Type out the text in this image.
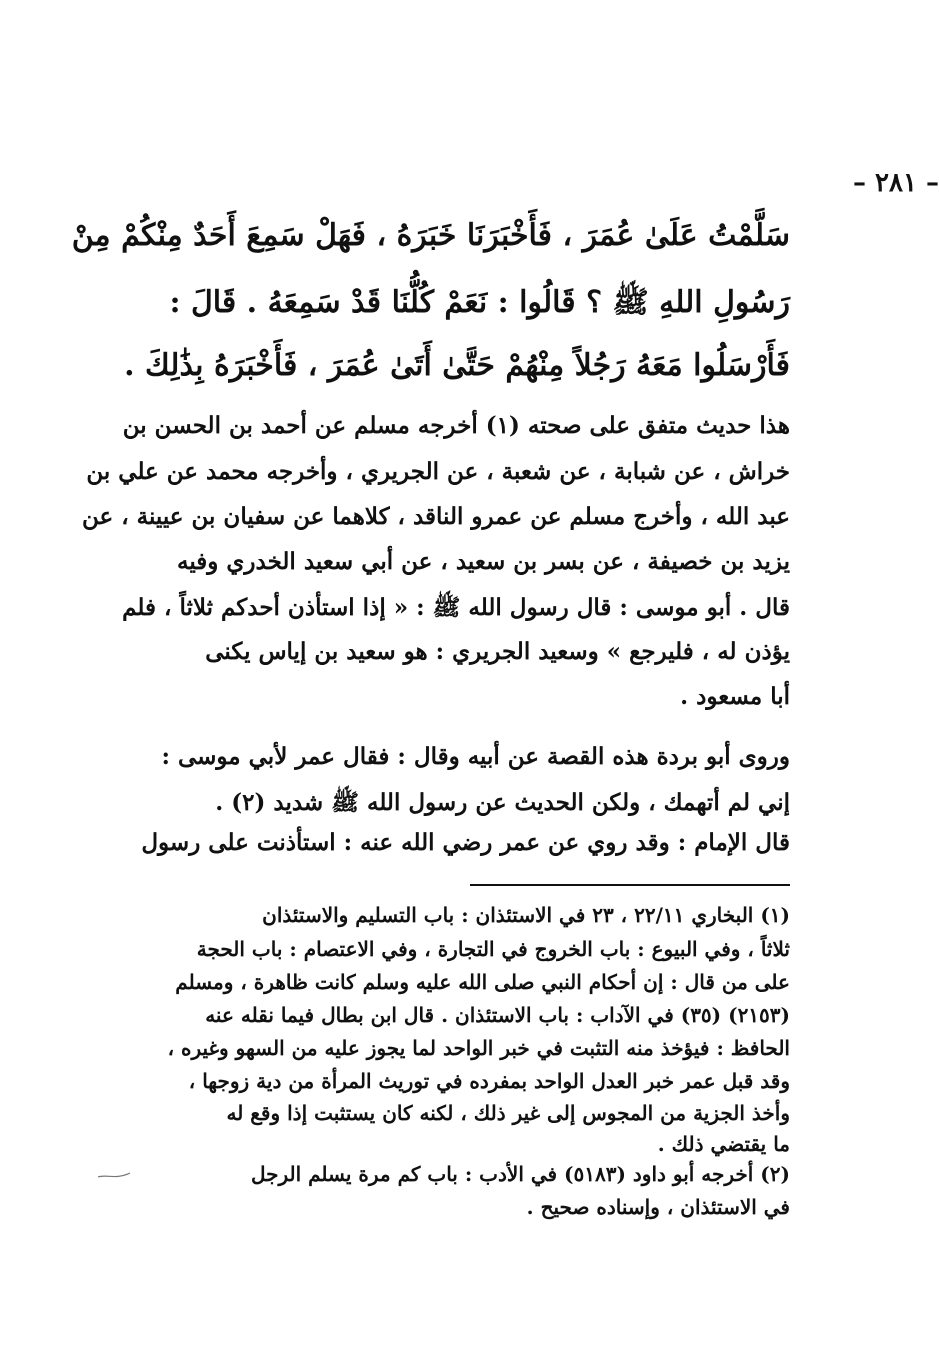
– ٢٨١ –
سَلَّمْتُ عَلَىٰ عُمَرَ ، فَأَخْبَرَنَا خَبَرَهُ ، فَهَلْ سَمِعَ أَحَدٌ مِنْكُمْ مِنْ
رَسُولِ اللهِ ﷺ ؟ قَالُوا : نَعَمْ كُلُّنَا قَدْ سَمِعَهُ . قَالَ :
فَأَرْسَلُوا مَعَهُ رَجُلاً مِنْهُمْ حَتَّىٰ أَتَىٰ عُمَرَ ، فَأَخْبَرَهُ بِذَٰلِكَ .
هذا حديث متفق على صحته (١) أخرجه مسلم عن أحمد بن الحسن بن
خراش ، عن شبابة ، عن شعبة ، عن الجريري ، وأخرجه محمد عن علي بن
عبد الله ، وأخرج مسلم عن عمرو الناقد ، كلاهما عن سفيان بن عيينة ، عن
يزيد بن خصيفة ، عن بسر بن سعيد ، عن أبي سعيد الخدري وفيه
قال . أبو موسى : قال رسول الله ﷺ : « إذا استأذن أحدكم ثلاثاً ، فلم
يؤذن له ، فليرجع » وسعيد الجريري : هو سعيد بن إياس يكنى
أبا مسعود .
وروى أبو بردة هذه القصة عن أبيه وقال : فقال عمر لأبي موسى :
إني لم أتهمك ، ولكن الحديث عن رسول الله ﷺ شديد (٢) .
قال الإمام : وقد روي عن عمر رضي الله عنه : استأذنت على رسول
(١) البخاري ٢٢/١١ ، ٢٣ في الاستئذان : باب التسليم والاستئذان
ثلاثاً ، وفي البيوع : باب الخروج في التجارة ، وفي الاعتصام : باب الحجة
على من قال : إن أحكام النبي صلى الله عليه وسلم كانت ظاهرة ، ومسلم
(٢١٥٣) (٣٥) في الآداب : باب الاستئذان . قال ابن بطال فيما نقله عنه
الحافظ : فيؤخذ منه التثبت في خبر الواحد لما يجوز عليه من السهو وغيره ،
وقد قبل عمر خبر العدل الواحد بمفرده في توريث المرأة من دية زوجها ،
وأخذ الجزية من المجوس إلى غير ذلك ، لكنه كان يستثبت إذا وقع له
ما يقتضي ذلك .
(٢) أخرجه أبو داود (٥١٨٣) في الأدب : باب كم مرة يسلم الرجل
في الاستئذان ، وإسناده صحيح .
